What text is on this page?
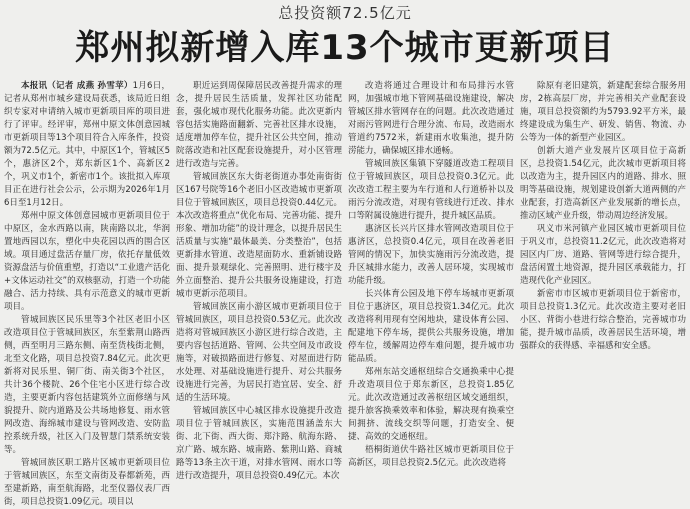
总投资额72.5亿元
郑州拟新增入库13个城市更新项目

本报讯（记者 成燕 孙雪苹）1月6日，记者从郑州市城乡建设局获悉，该局近日组织专家对申请纳入城市更新项目库的项目进行了评审。经评审，郑州中原文体创意园城市更新项目等13个项目符合入库条件，投资额为72.5亿元。其中，中原区1个，管城区5个，惠济区2个，郑东新区1个、高新区2个，巩义市1个，新密市1个。该批拟入库项目正在进行社会公示，公示期为2026年1月6日至1月12日。

郑州中原文体创意园城市更新项目位于中原区，金水西路以南，陕南路以北，华润置地西园以东，塑化中央花园以西的围合区域。项目通过盘活存量厂房，依托存量低效资源盘活与价值重塑，打造以“工业遗产活化+文体运动社交”的双核驱动，打造一个功能融合、活力持续、具有示范意义的城市更新项目。

管城回族区民乐里等3个社区老旧小区改造项目位于管城回族区，东至紫荆山路西侧，西至明月三路东侧、南至货栈街北侧，北至文化路，项目总投资7.84亿元。此次更新将对民乐里、铜厂街、南关街3个社区，共计36个楼院、26个住宅小区进行综合改造，主要更新内容包括建筑外立面修缮与风貌提升、院内道路及公共场地修复、雨水管网改造、海绵城市建设与管网改造、安防监控系统升级，社区入门及智慧门禁系统安装等。

管城回族区职工路片区城市更新项目位于管城回族区，东至文南街及春都新苑，西至建新路，南至航海路，北至仪器仪表厂西街，项目总投资1.09亿元。项目以

职近运到周保障居民改善提升需求的理念，提升居民生活质量，发挥社区功能配套，强化城市现代化服务功能。此次更新内容包括实施路面翻新、完善社区排水设施，适度增加停车位，提升社区公共空间，推动院落改造和社区配套设施提升，对小区管理进行改造与完善。

管城回族区东大街老街道办事处南街街区167号院等16个老旧小区改造城市更新项目位于管城回族区，项目总投资0.44亿元。本次改造将重点“优化布局、完善功能、提升形象、增加功能”的设计理念，以提升居民生活质量与实施“最体最美、分类整治”，包括更新排水管道、改造屋面防水、重新铺设路面、提升景观绿化、完善照明、进行楼宇及外立面整治、提升公共服务设施建设，打造城市更新示范项目。

管城回族区南小游区城市更新项目位于管城回族区，项目总投资0.53亿元。此次改造将对管城回族区小游区进行综合改造，主要内容包括道路、管网、公共空间及市政设施等，对破损路面进行修复、对屋面进行防水处理、对基础设施进行提升、对公共服务设施进行完善，为居民打造宜居、安全、舒适的生活环境。

管城回族区中心城区排水设施提升改造项目位于管城回族区，实施范围涵盖东大街、北下街、西大街、郑汴路、航海东路、京广路、城东路、城南路、紫荆山路、商城路等13条主次干道，对排水管网、雨水口等进行改造提升，项目总投资0.49亿元。本次

改造将通过合理设计和布局排污水管网，加强城市地下管网基础设施建设，解决管城区排水管网存在的问题。此次改造通过对雨污管网进行合理分流、布局，改造雨水管道约7572米，新建雨水收集池，提升防涝能力，确保城区排水通畅。

管城回族区集镇下穿隧道改造工程项目位于管城回族区，项目总投资0.3亿元。此次改造工程主要为车行道和人行道桥补以及雨污分流改造，对现有管线进行迁改、排水口等附属设施进行提升，提升城区品质。

惠济区长兴片区排水管网改造项目位于惠济区，总投资0.4亿元，项目在改善老旧管网的情况下，加快实施雨污分流改造，提升区城排水能力，改善人居环境，实现城市功能升级。

长兴体育公园及地下停车场城市更新项目位于惠济区，项目总投资1.34亿元。此次改造将利用现有空闲地块，建设体育公园、配建地下停车场，提供公共服务设施，增加停车位，缓解周边停车难问题，提升城市功能品质。

郑州东站交通枢纽综合交通换乘中心提升改造项目位于郑东新区，总投资1.85亿元。此次改造通过改善枢纽区域交通组织，提升旅客换乘效率和体验，解决现有换乘空间拥挤、流线交织等问题，打造安全、便捷、高效的交通枢纽。

梧桐街道伏牛路社区城市更新项目位于高新区，项目总投资2.5亿元。此次改造将

除原有老旧建筑，新建配套综合服务用房，2栋高层厂房，并完善相关产业配套设施，项目总投资额约为5793.92平方米，最终建设成为集生产、研发、销售、物流、办公等为一体的新型产业园区。

创新大道产业发展片区项目位于高新区，总投资1.54亿元，此次城市更新项目将以改造为主，提升园区内的道路、排水、照明等基础设施，规划建设创新大道两侧的产业配套，打造高新区产业发展新的增长点，推动区域产业升级，带动周边经济发展。

巩义市米河镇产业园区城市更新项目位于巩义市，总投资11.2亿元，此次改造将对园区内厂房、道路、管网等进行综合提升，盘活闲置土地资源，提升园区承载能力，打造现代化产业园区。

新密市市区城市更新项目位于新密市，项目总投资1.3亿元。此次改造主要对老旧小区、背街小巷进行综合整治，完善城市功能，提升城市品质，改善居民生活环境，增强群众的获得感、幸福感和安全感。
